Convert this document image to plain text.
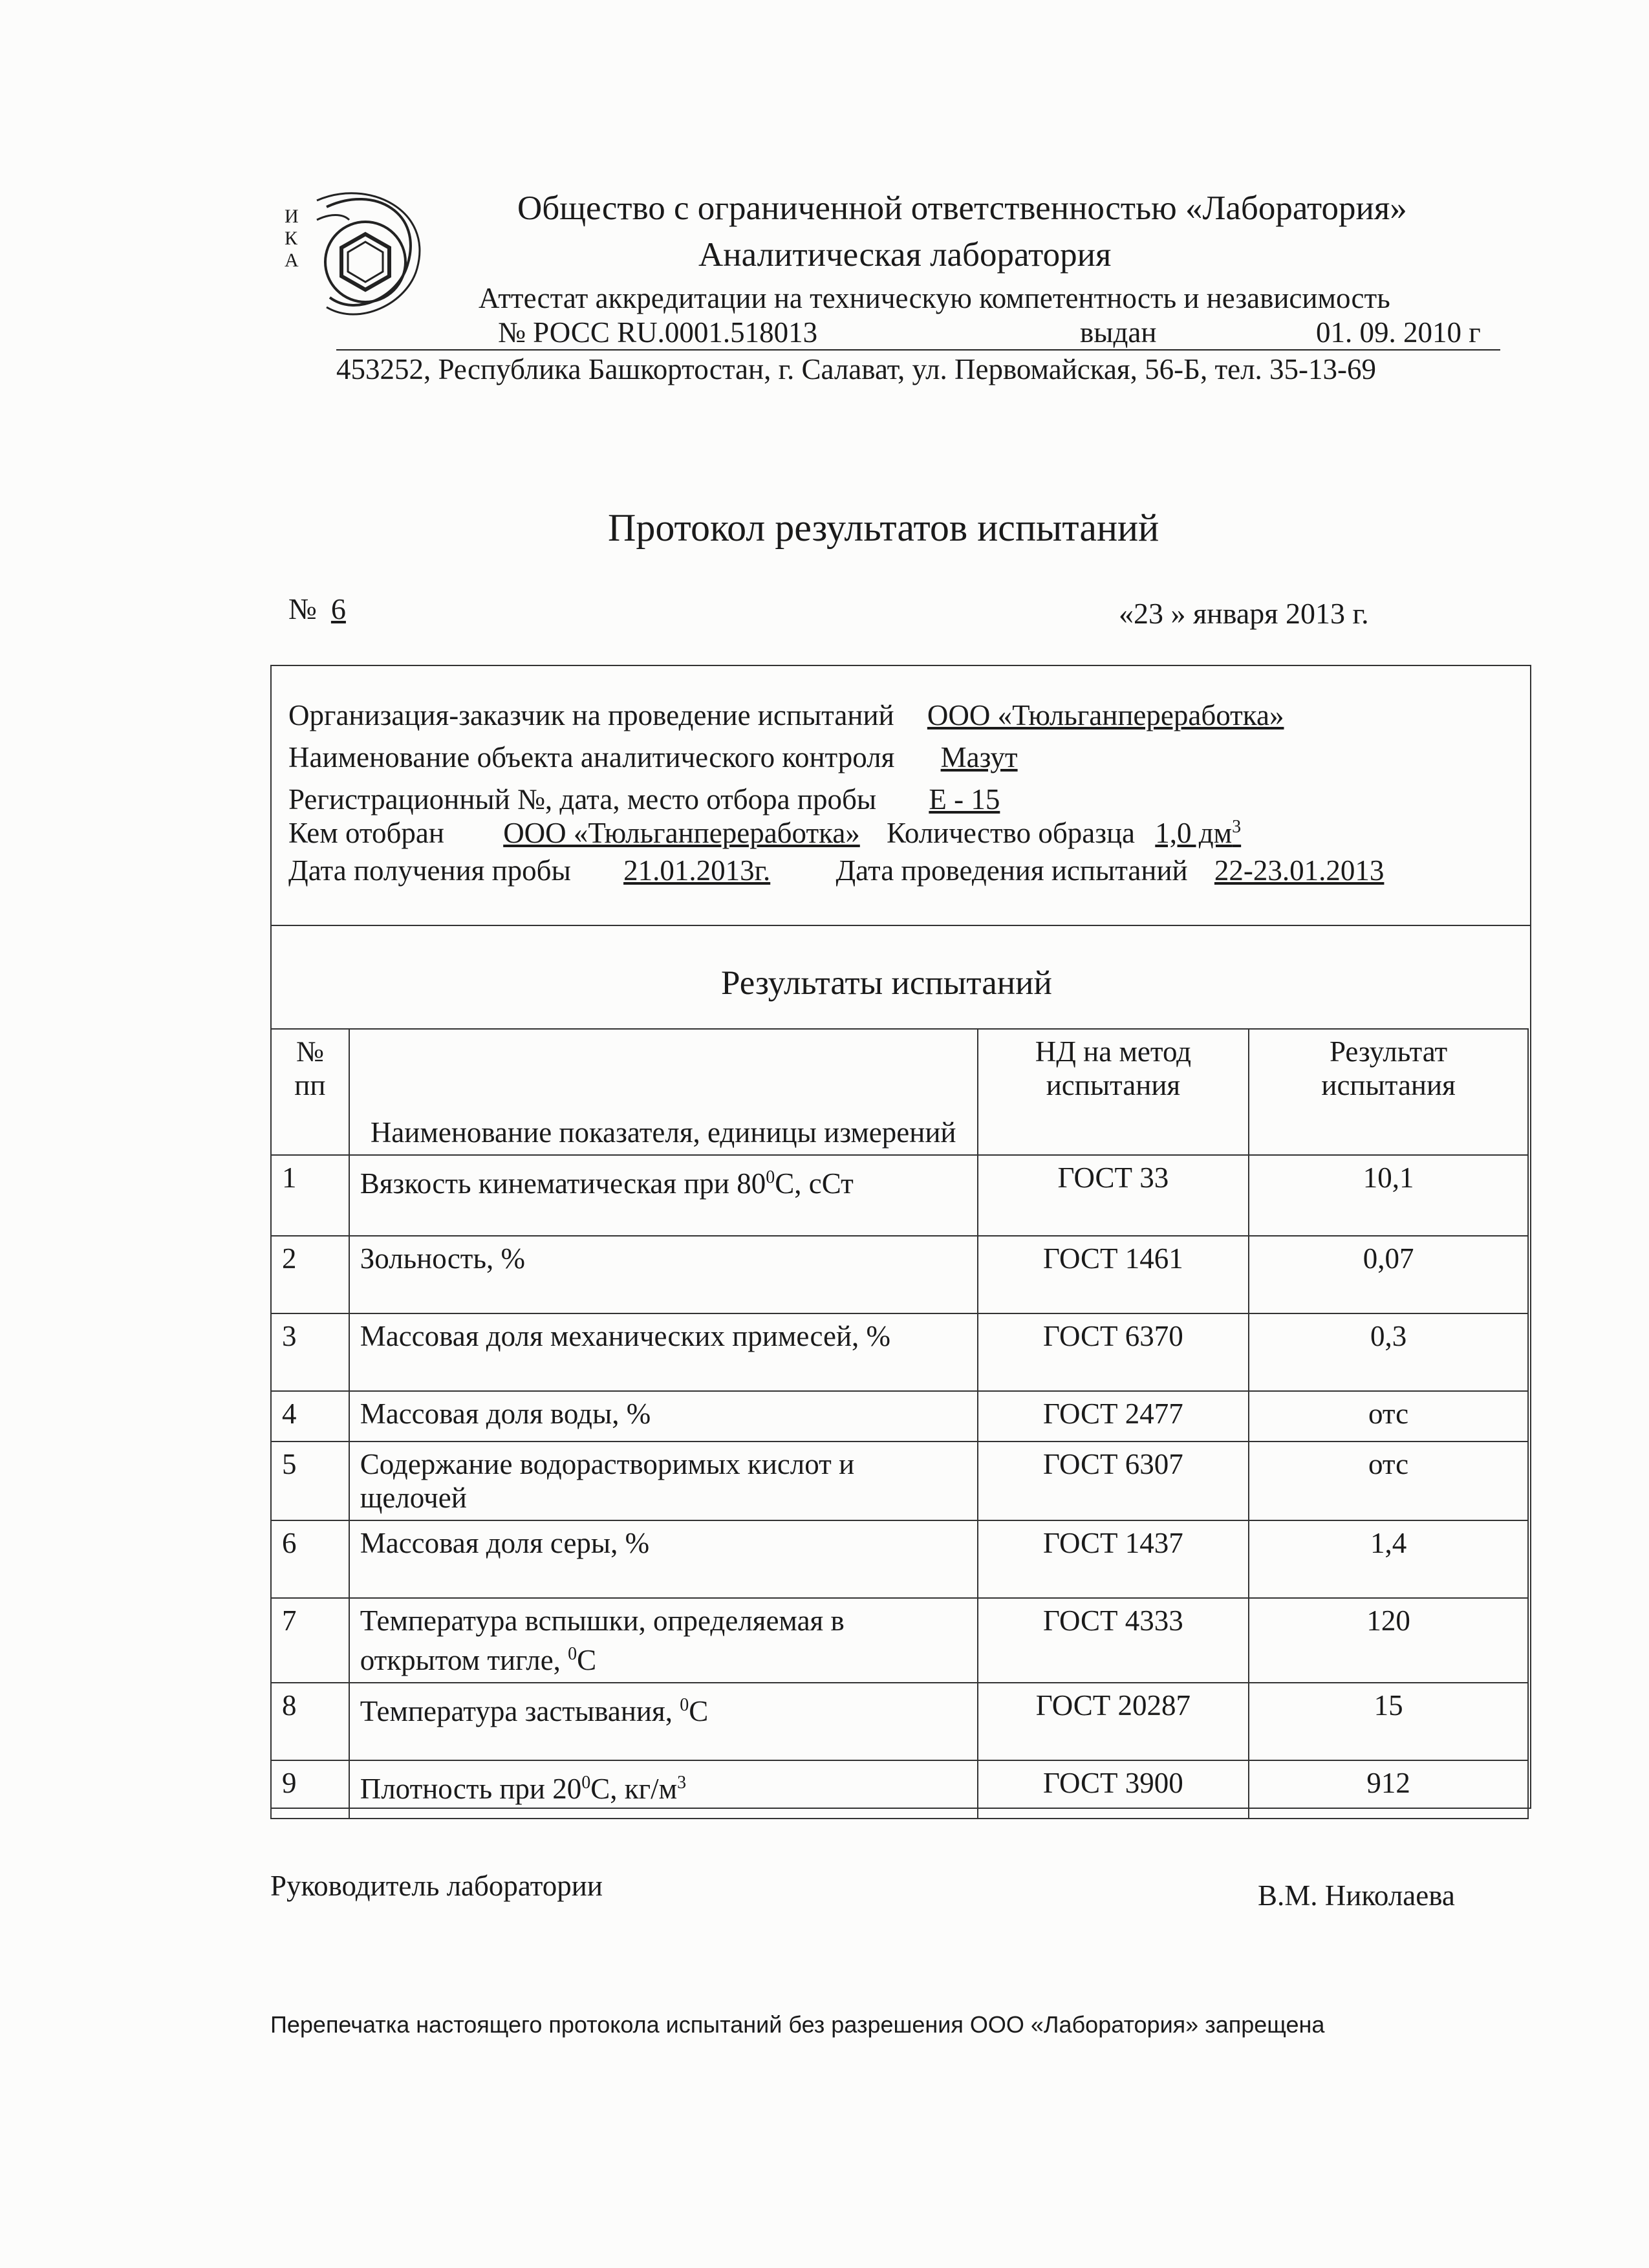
И
К
А
Общество с ограниченной ответственностью «Лаборатория»
Аналитическая лаборатория
Аттестат аккредитации на техническую компетентность и независимость
№ РОСС RU.0001.518013	выдан	01. 09. 2010 г
453252, Республика Башкортостан, г. Салават, ул. Первомайская, 56-Б, тел. 35-13-69
Протокол результатов испытаний
№ 6	«23 » января 2013 г.
Организация-заказчик на проведение испытаний ООО «Тюльганпереработка»
Наименование объекта аналитического контроля Мазут
Регистрационный №, дата, место отбора пробы Е - 15
Кем отобран ООО «Тюльганпереработка» Количество образца 1,0 $дм^3$
Дата получения пробы 21.01.2013г. Дата проведения испытаний 22-23.01.2013
Результаты испытаний
№ пп	Наименование показателя, единицы измерений	НД на метод испытания	Результат испытания
1	Вязкость кинематическая при $80^0С$, сСт	ГОСТ 33	10,1
2	Зольность, %	ГОСТ 1461	0,07
3	Массовая доля механических примесей, %	ГОСТ 6370	0,3
4	Массовая доля воды, %	ГОСТ 2477	отс
5	Содержание водорастворимых кислот и щелочей	ГОСТ 6307	отс
6	Массовая доля серы, %	ГОСТ 1437	1,4
7	Температура вспышки, определяемая в открытом тигле, $^0$С	ГОСТ 4333	120
8	Температура застывания, $^0$С	ГОСТ 20287	15
9	Плотность при $20^0С$, $кг/м^3$	ГОСТ 3900	912
Руководитель лаборатории	В.М. Николаева
Перепечатка настоящего протокола испытаний без разрешения ООО «Лаборатория» запрещена
